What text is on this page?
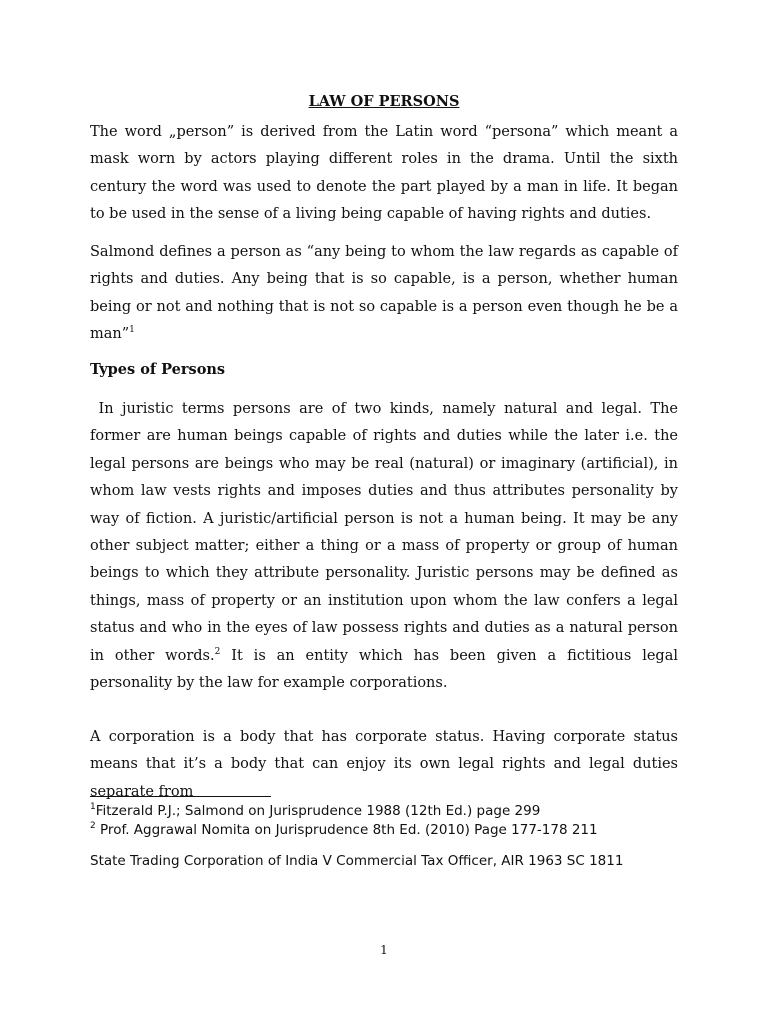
LAW OF PERSONS

The word „person” is derived from the Latin word “persona” which meant a mask worn by actors playing different roles in the drama. Until the sixth century the word was used to denote the part played by a man in life. It began to be used in the sense of a living being capable of having rights and duties.

Salmond defines a person as “any being to whom the law regards as capable of rights and duties. Any being that is so capable, is a person, whether human being or not and nothing that is not so capable is a person even though he be a man”$^1$

Types of Persons

In juristic terms persons are of two kinds, namely natural and legal. The former are human beings capable of rights and duties while the later i.e. the legal persons are beings who may be real (natural) or imaginary (artificial), in whom law vests rights and imposes duties and thus attributes personality by way of fiction. A juristic/artificial person is not a human being. It may be any other subject matter; either a thing or a mass of property or group of human beings to which they attribute personality. Juristic persons may be defined as things, mass of property or an institution upon whom the law confers a legal status and who in the eyes of law possess rights and duties as a natural person in other words.$^2$ It is an entity which has been given a fictitious legal personality by the law for example corporations.

A corporation is a body that has corporate status. Having corporate status means that it’s a body that can enjoy its own legal rights and legal duties separate from

$^1$Fitzerald P.J.; Salmond on Jurisprudence 1988 (12th Ed.) page 299

$^2$ Prof. Aggrawal Nomita on Jurisprudence 8th Ed. (2010) Page 177-178 211

State Trading Corporation of India V Commercial Tax Officer, AIR 1963 SC 1811

1
